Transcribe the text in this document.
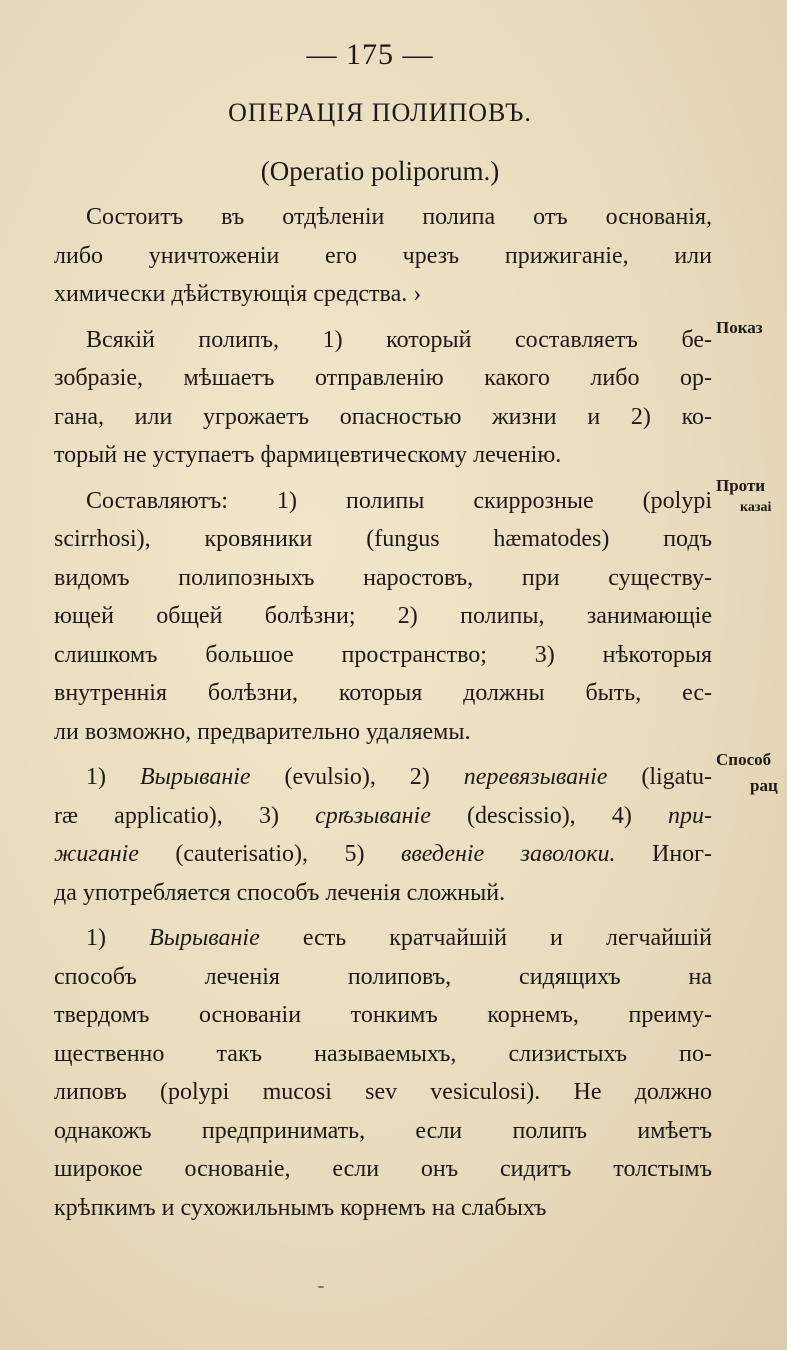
— 175 —
ОПЕРАЦІЯ ПОЛИПОВЪ.
(Operatio poliporum.)
Состоитъ въ отдѣленіи полипа отъ основанія,
либо уничтоженіи его чрезъ прижиганіе, или
химически дѣйствующія средства. ›
Всякій полипъ, 1) который составляетъ бе-
зобразіе, мѣшаетъ отправленію какого либо ор-
гана, или угрожаетъ опасностью жизни и 2) ко-
торый не уступаетъ фармицевтическому леченію.
Составляютъ: 1) полипы скиррозные (polypi
scirrhosi), кровяники (fungus hæmatodes) подъ
видомъ полипозныхъ наростовъ, при существу-
ющей общей болѣзни; 2) полипы, занимающіе
слишкомъ большое пространство; 3) нѣкоторыя
внутреннія болѣзни, которыя должны быть, ес-
ли возможно, предварительно удаляемы.
1) Вырываніе (evulsio), 2) перевязываніе (ligatu-
ræ applicatio), 3) срѣзываніе (descissio), 4) при-
жиганіе (cauterisatio), 5) введеніе заволоки. Иног-
да употребляется способъ леченія сложный.
1) Вырываніе есть кратчайшій и легчайшій
способъ леченія полиповъ, сидящихъ на
твердомъ основаніи тонкимъ корнемъ, преиму-
щественно такъ называемыхъ, слизистыхъ по-
липовъ (polypi mucosi sev vesiculosi). Не должно
однакожъ предпринимать, если полипъ имѣетъ
широкое основаніе, если онъ сидитъ толстымъ
крѣпкимъ и сухожильнымъ корнемъ на слабыхъ
Показ
Проти
казаі
Способ
рац
